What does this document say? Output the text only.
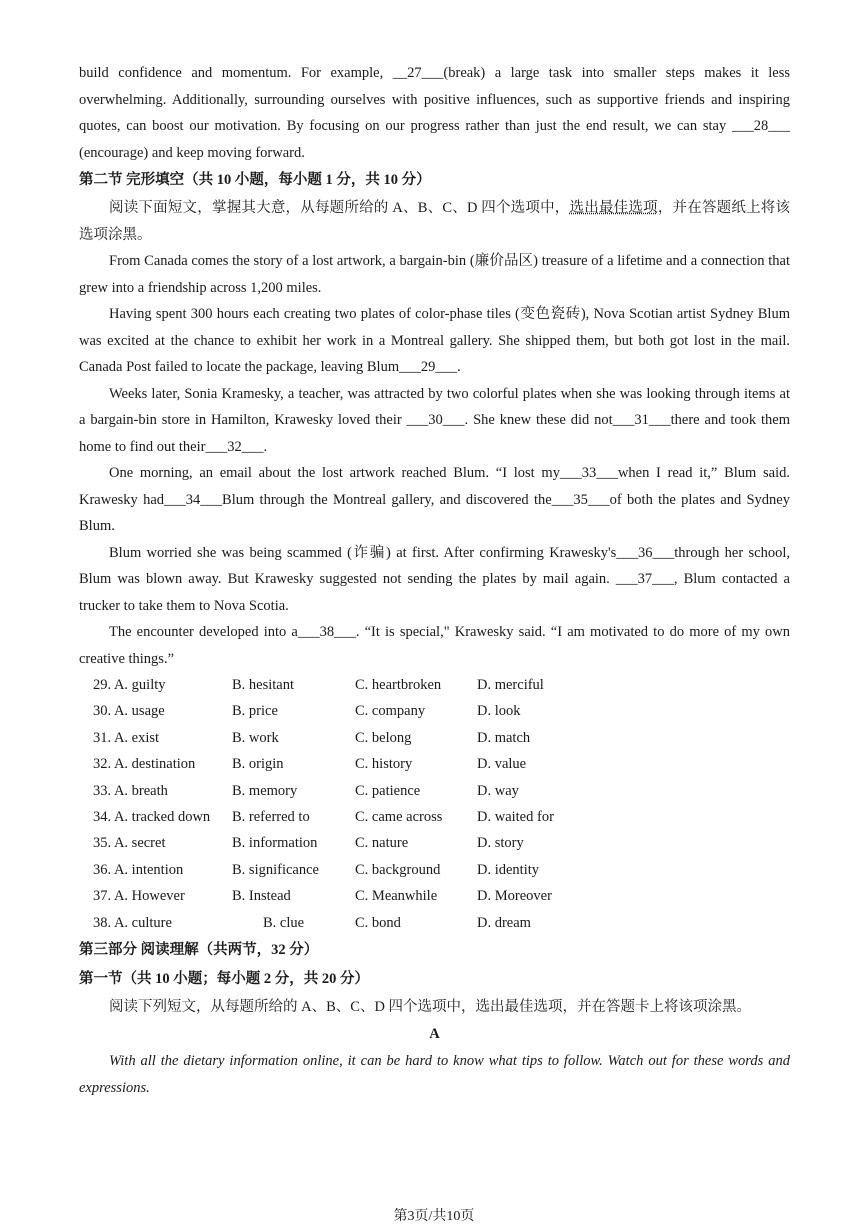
build confidence and momentum. For example, __27___(break) a large task into smaller steps makes it less overwhelming. Additionally, surrounding ourselves with positive influences, such as supportive friends and inspiring quotes, can boost our motivation. By focusing on our progress rather than just the end result, we can stay ___28___ (encourage) and keep moving forward.

第二节 完形填空（共 10 小题，每小题 1 分，共 10 分）

阅读下面短文，掌握其大意，从每题所给的 A、B、C、D 四个选项中，选出最佳选项，并在答题纸上将该选项涂黑。

From Canada comes the story of a lost artwork, a bargain-bin (廉价品区) treasure of a lifetime and a connection that grew into a friendship across 1,200 miles.

Having spent 300 hours each creating two plates of color-phase tiles (变色瓷砖), Nova Scotian artist Sydney Blum was excited at the chance to exhibit her work in a Montreal gallery. She shipped them, but both got lost in the mail. Canada Post failed to locate the package, leaving Blum___29___.

Weeks later, Sonia Kramesky, a teacher, was attracted by two colorful plates when she was looking through items at a bargain-bin store in Hamilton, Krawesky loved their ___30___. She knew these did not___31___there and took them home to find out their___32___.

One morning, an email about the lost artwork reached Blum. “I lost my___33___when I read it,” Blum said. Krawesky had___34___Blum through the Montreal gallery, and discovered the___35___of both the plates and Sydney Blum.

Blum worried she was being scammed (诈骗) at first. After confirming Krawesky's___36___through her school, Blum was blown away. But Krawesky suggested not sending the plates by mail again. ___37___, Blum contacted a trucker to take them to Nova Scotia.

The encounter developed into a___38___. “It is special," Krawesky said. “I am motivated to do more of my own creative things.”

29. A. guilty	B. hesitant	C. heartbroken	D. merciful
30. A. usage	B. price	C. company	D. look
31. A. exist	B. work	C. belong	D. match
32. A. destination	B. origin	C. history	D. value
33. A. breath	B. memory	C. patience	D. way
34. A. tracked down	B. referred to	C. came across	D. waited for
35. A. secret	B. information	C. nature	D. story
36. A. intention	B. significance	C. background	D. identity
37. A. However	B. Instead	C. Meanwhile	D. Moreover
38. A. culture	B. clue	C. bond	D. dream
第三部分 阅读理解（共两节，32 分）
第一节（共 10 小题；每小题 2 分，共 20 分）

阅读下列短文，从每题所给的 A、B、C、D 四个选项中，选出最佳选项，并在答题卡上将该项涂黑。

A

With all the dietary information online, it can be hard to know what tips to follow. Watch out for these words and expressions.

第3页/共10页
